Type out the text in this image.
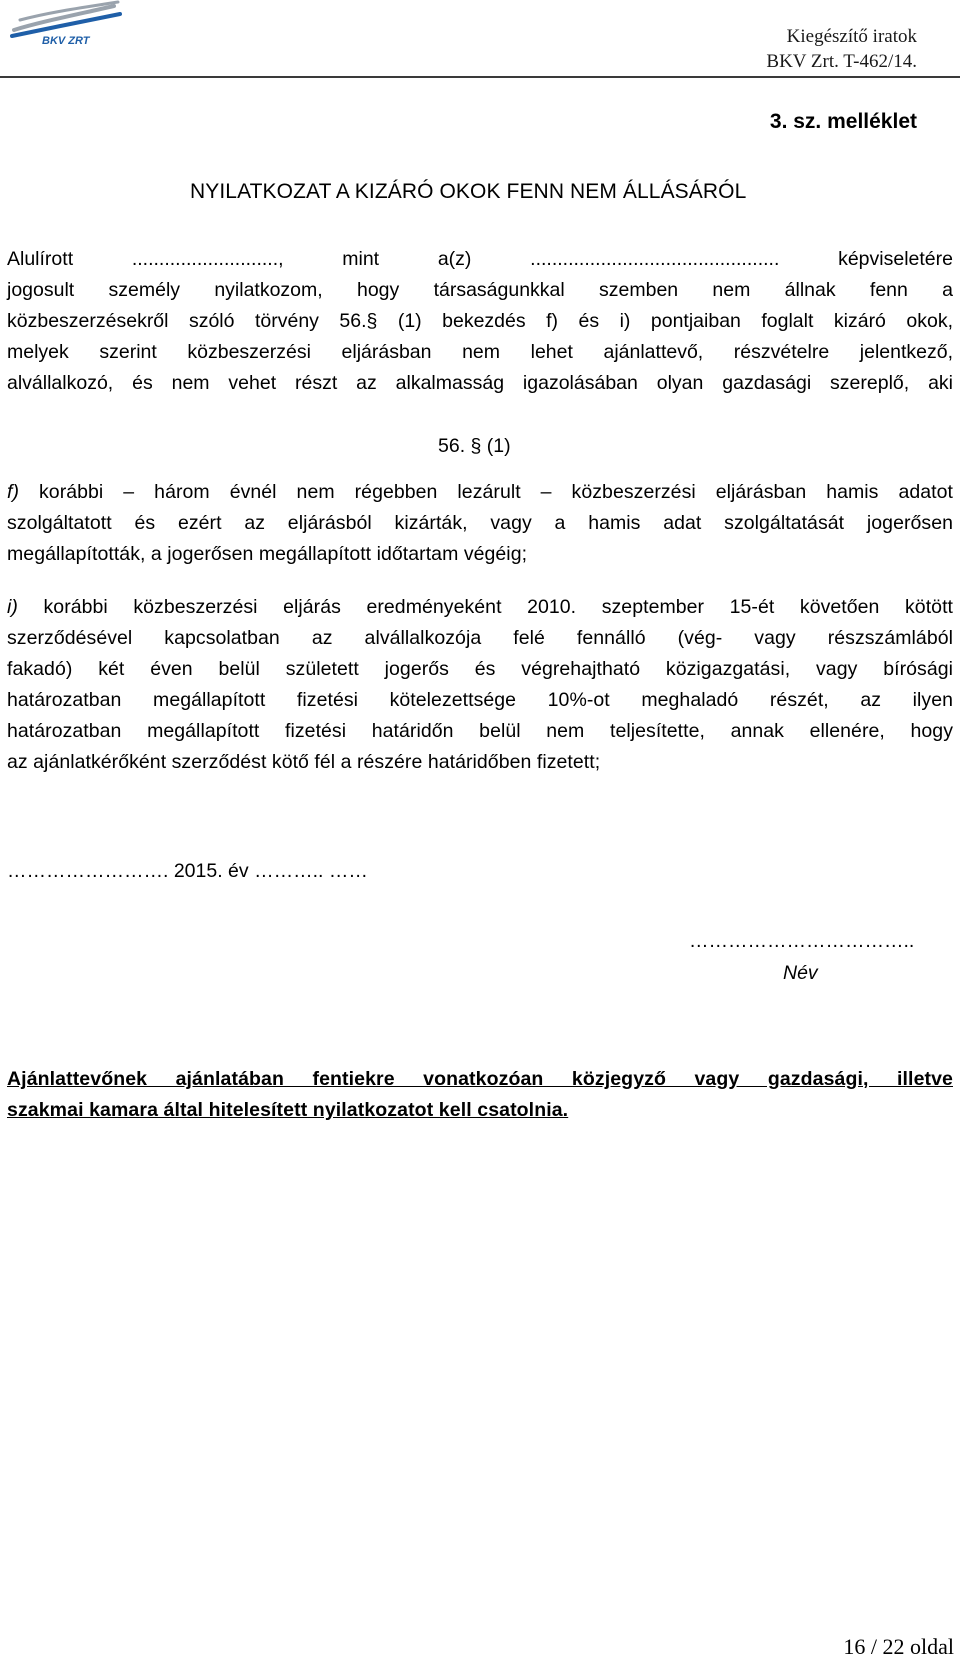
BKV ZRT	Kiegészítő iratok
BKV Zrt. T-462/14.
3. sz. melléklet
NYILATKOZAT A KIZÁRÓ OKOK FENN NEM ÁLLÁSÁRÓL
Alulírott ..........................., mint a(z) .............................................. képviseletére
jogosult személy nyilatkozom, hogy társaságunkkal szemben nem állnak fenn a
közbeszerzésekről szóló törvény 56.§ (1) bekezdés f) és i) pontjaiban foglalt kizáró okok,
melyek szerint közbeszerzési eljárásban nem lehet ajánlattevő, részvételre jelentkező,
alvállalkozó, és nem vehet részt az alkalmasság igazolásában olyan gazdasági szereplő, aki
56. § (1)
f) korábbi – három évnél nem régebben lezárult – közbeszerzési eljárásban hamis adatot
szolgáltatott és ezért az eljárásból kizárták, vagy a hamis adat szolgáltatását jogerősen
megállapították, a jogerősen megállapított időtartam végéig;
i) korábbi közbeszerzési eljárás eredményeként 2010. szeptember 15-ét követően kötött
szerződésével kapcsolatban az alvállalkozója felé fennálló (vég- vagy részszámlából
fakadó) két éven belül született jogerős és végrehajtható közigazgatási, vagy bírósági
határozatban megállapított fizetési kötelezettsége 10%-ot meghaladó részét, az ilyen
határozatban megállapított fizetési határidőn belül nem teljesítette, annak ellenére, hogy
az ajánlatkérőként szerződést kötő fél a részére határidőben fizetett;
……………………. 2015. év ……….. ……
……………………………..
Név
Ajánlattevőnek ajánlatában fentiekre vonatkozóan közjegyző vagy gazdasági, illetve
szakmai kamara által hitelesített nyilatkozatot kell csatolnia.
16 / 22 oldal
